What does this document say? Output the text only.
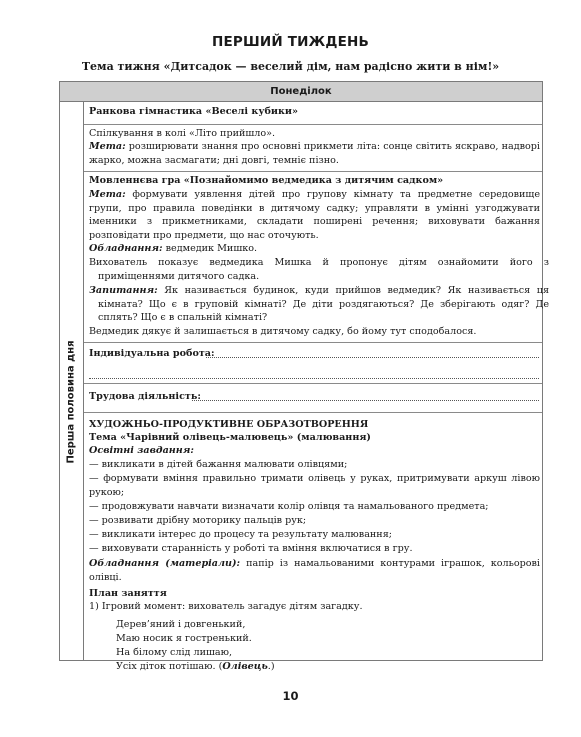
ПЕРШИЙ ТИЖДЕНЬ
Тема тижня «Дитсадок — веселий дім, нам радісно жити в нім!»
Понеділок
Перша половина дня

Ранкова гімнастика «Веселі кубики»

Спілкування в колі «Літо прийшло».

Мета: розширювати знання про основні прикмети літа: сонце світить яскраво, надворі жарко, можна засмагати; дні довгі, темніє пізно.

Мовленнєва гра «Познайомимо ведмедика з дитячим садком»

Мета: формувати уявлення дітей про групову кімнату та предметне середовище групи, про правила поведінки в дитячому садку; управляти в умінні узгоджувати іменники з прикметниками, складати поширені речення; виховувати бажання розповідати про предмети, що нас оточують.

Обладнання: ведмедик Мишко.

Вихователь показує ведмедика Мишка й пропонує дітям ознайомити його з приміщеннями дитячого садка.

Запитання: Як називається будинок, куди прийшов ведмедик? Як називається ця кімната? Що є в груповій кімнаті? Де діти роздягаються? Де зберігають одяг? Де сплять? Що є в спальній кімнаті?

Ведмедик дякує й залишається в дитячому садку, бо йому тут сподобалося.

Індивідуальна робота:

Трудова діяльність:

ХУДОЖНЬО-ПРОДУКТИВНЕ ОБРАЗОТВОРЕННЯ

Тема «Чарівний олівець-малювець» (малювання)

Освітні завдання:

— викликати в дітей бажання малювати олівцями;

— формувати вміння правильно тримати олівець у руках, притримувати аркуш лівою рукою;

— продовжувати навчати визначати колір олівця та намальованого предмета;

— розвивати дрібну моторику пальців рук;

— викликати інтерес до процесу та результату малювання;

— виховувати старанність у роботі та вміння включатися в гру.

Обладнання (матеріали): папір із намальованими контурами іграшок, кольорові олівці.

План заняття

1) Ігровий момент: вихователь загадує дітям загадку.

Дерев’яний і довгенький,
Маю носик я гостренький.
На білому слід лишаю,
Усіх діток потішаю. (Олівець.)
10
